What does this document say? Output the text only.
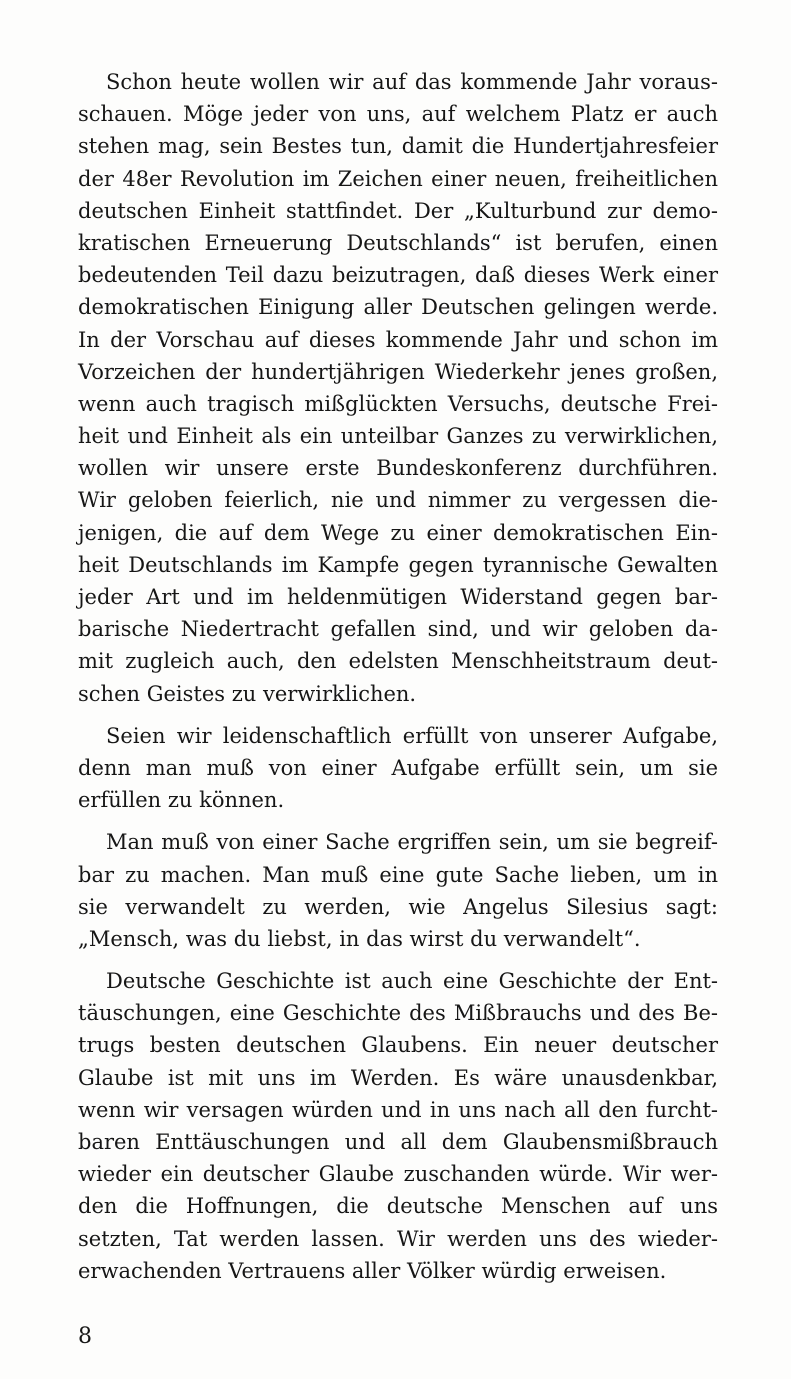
Schon heute wollen wir auf das kommende Jahr voraus-
schauen. Möge jeder von uns, auf welchem Platz er auch
stehen mag, sein Bestes tun, damit die Hundertjahresfeier
der 48er Revolution im Zeichen einer neuen, freiheitlichen
deutschen Einheit stattfindet. Der „Kulturbund zur demo-
kratischen Erneuerung Deutschlands“ ist berufen, einen
bedeutenden Teil dazu beizutragen, daß dieses Werk einer
demokratischen Einigung aller Deutschen gelingen werde.
In der Vorschau auf dieses kommende Jahr und schon im
Vorzeichen der hundertjährigen Wiederkehr jenes großen,
wenn auch tragisch mißglückten Versuchs, deutsche Frei-
heit und Einheit als ein unteilbar Ganzes zu verwirklichen,
wollen wir unsere erste Bundeskonferenz durchführen.
Wir geloben feierlich, nie und nimmer zu vergessen die-
jenigen, die auf dem Wege zu einer demokratischen Ein-
heit Deutschlands im Kampfe gegen tyrannische Gewalten
jeder Art und im heldenmütigen Widerstand gegen bar-
barische Niedertracht gefallen sind, und wir geloben da-
mit zugleich auch, den edelsten Menschheitstraum deut-
schen Geistes zu verwirklichen.

Seien wir leidenschaftlich erfüllt von unserer Aufgabe,
denn man muß von einer Aufgabe erfüllt sein, um sie
erfüllen zu können.

Man muß von einer Sache ergriffen sein, um sie begreif-
bar zu machen. Man muß eine gute Sache lieben, um in
sie verwandelt zu werden, wie Angelus Silesius sagt:
„Mensch, was du liebst, in das wirst du verwandelt“.

Deutsche Geschichte ist auch eine Geschichte der Ent-
täuschungen, eine Geschichte des Mißbrauchs und des Be-
trugs besten deutschen Glaubens. Ein neuer deutscher
Glaube ist mit uns im Werden. Es wäre unausdenkbar,
wenn wir versagen würden und in uns nach all den furcht-
baren Enttäuschungen und all dem Glaubensmißbrauch
wieder ein deutscher Glaube zuschanden würde. Wir wer-
den die Hoffnungen, die deutsche Menschen auf uns
setzten, Tat werden lassen. Wir werden uns des wieder-
erwachenden Vertrauens aller Völker würdig erweisen.

8
